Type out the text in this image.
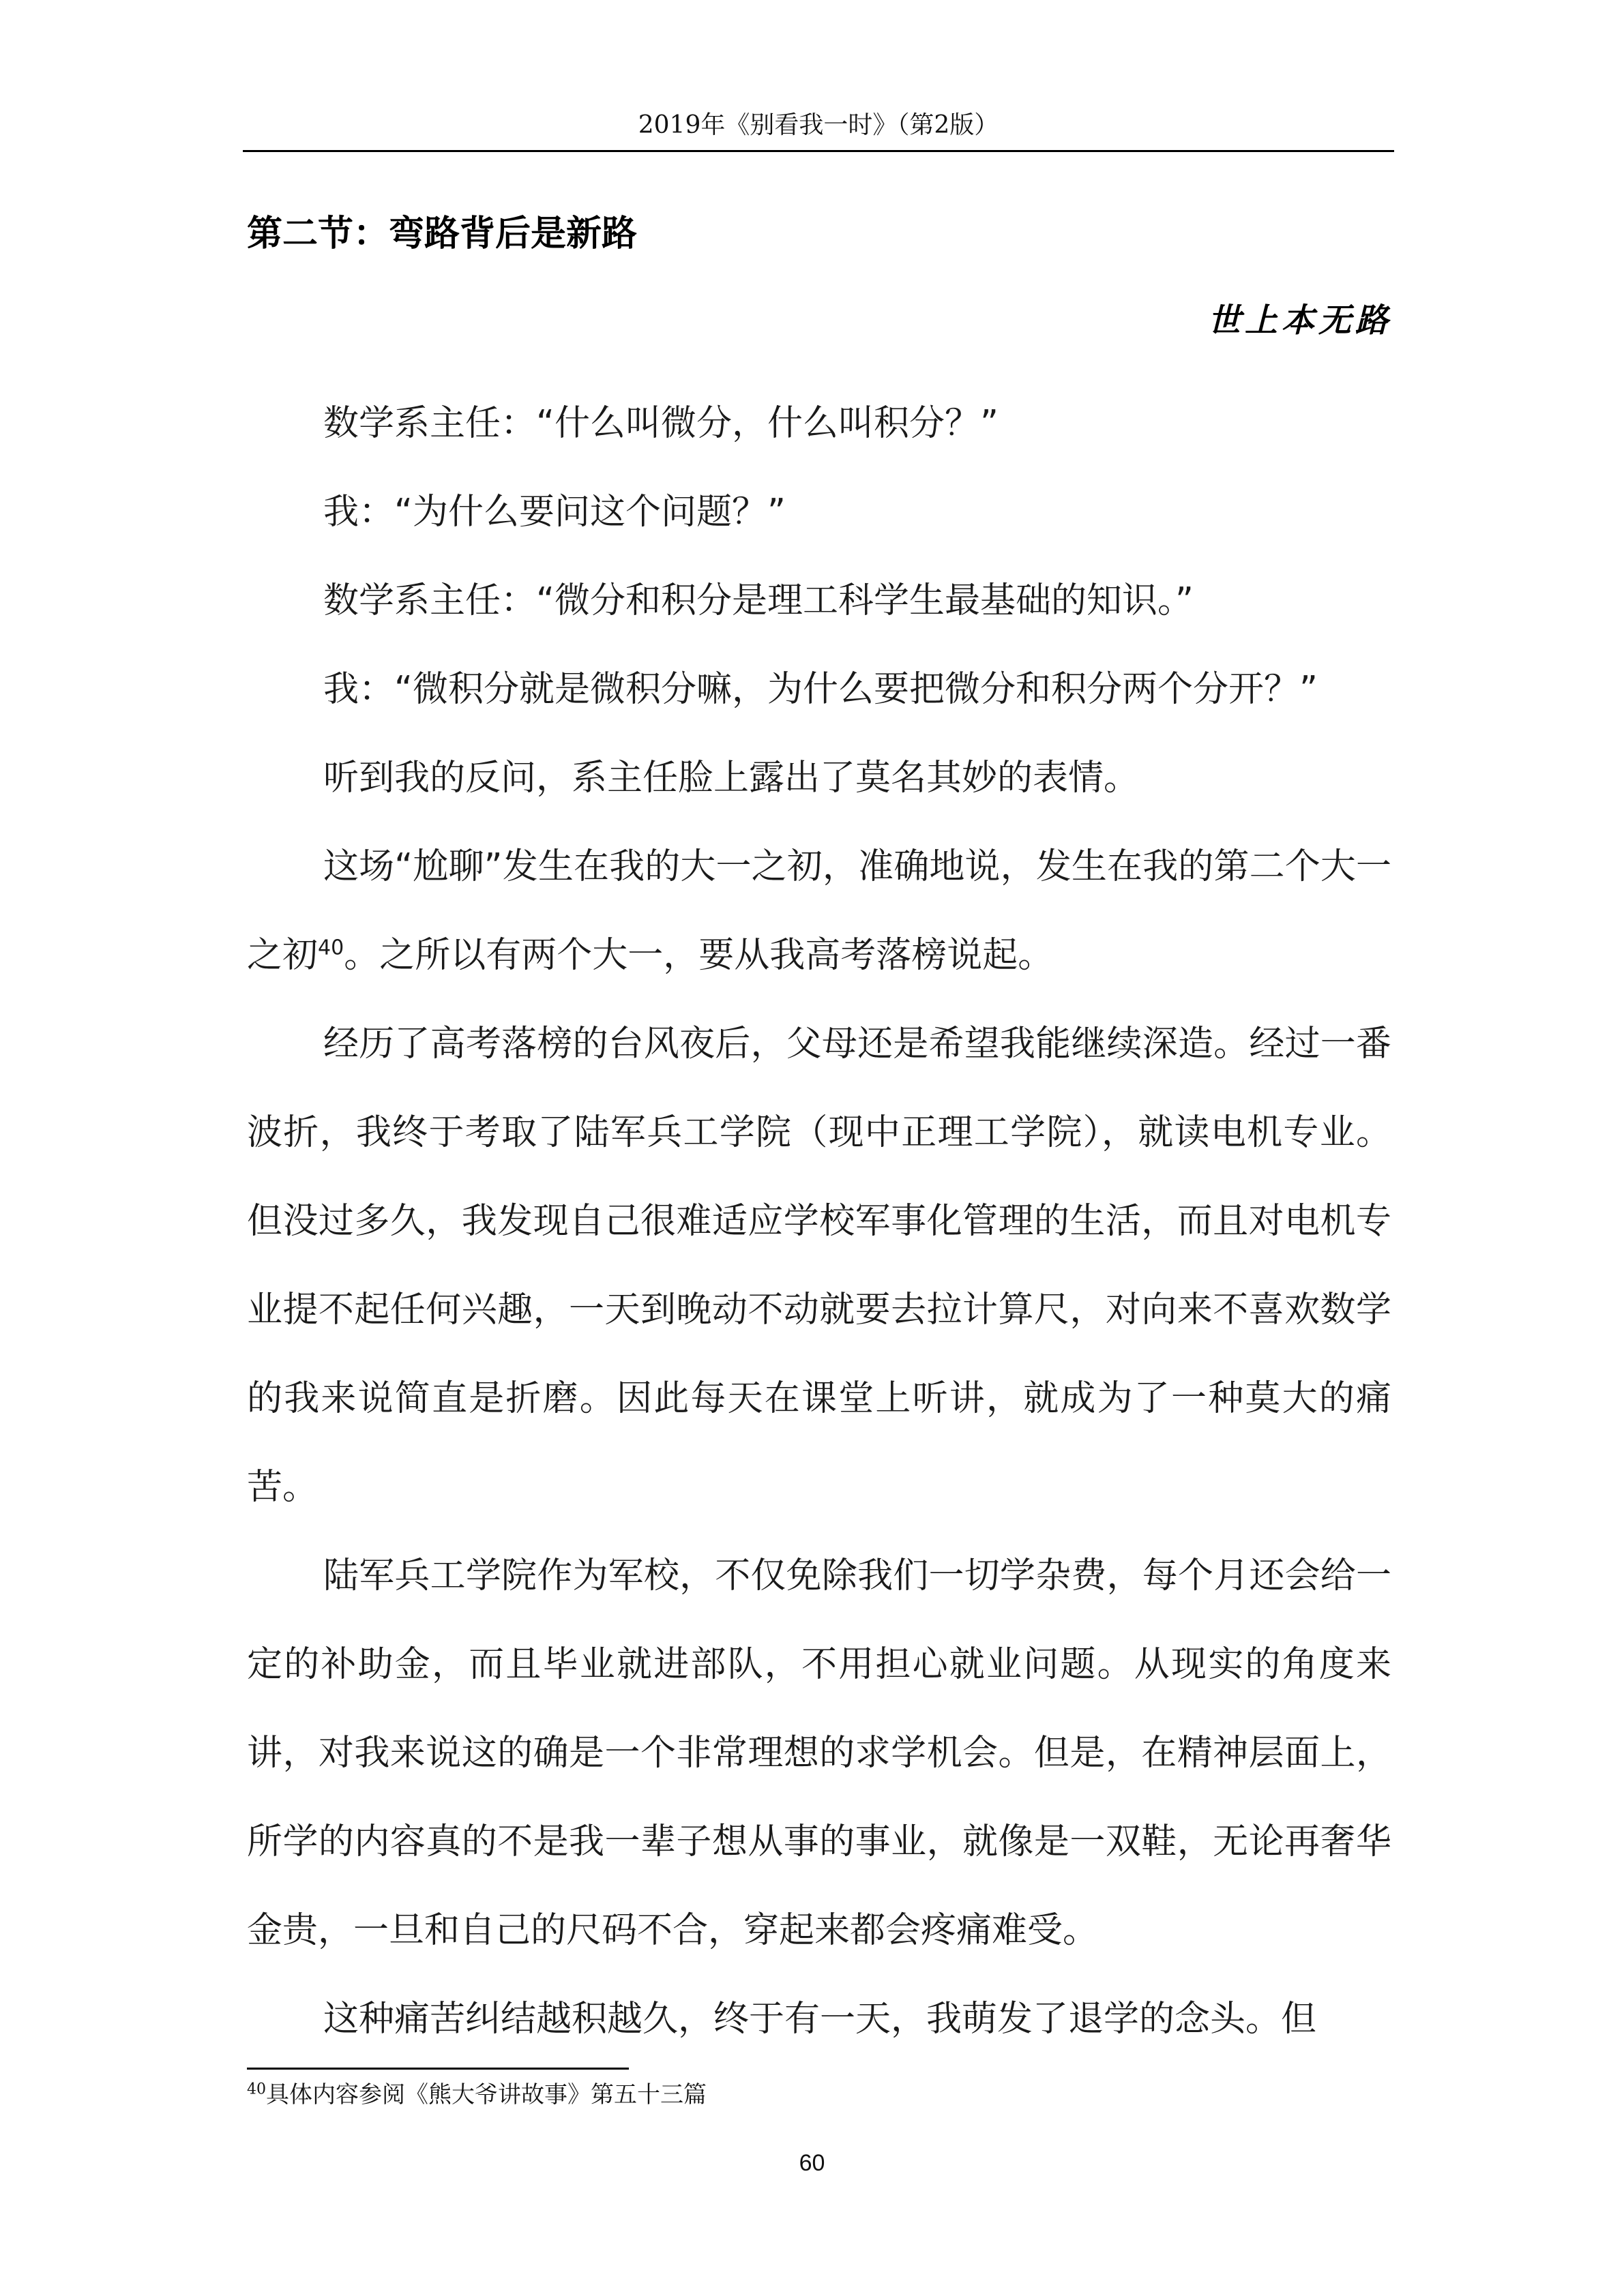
2019年《别看我一时》（第2版）
第二节：弯路背后是新路
世上本无路

数学系主任：“什么叫微分，什么叫积分？”

我：“为什么要问这个问题？”

数学系主任：“微分和积分是理工科学生最基础的知识。”

我：“微积分就是微积分嘛，为什么要把微分和积分两个分开？”

听到我的反问，系主任脸上露出了莫名其妙的表情。

这场“尬聊”发生在我的大一之初，准确地说，发生在我的第二个大一之初$^{40}$。之所以有两个大一，要从我高考落榜说起。

经历了高考落榜的台风夜后，父母还是希望我能继续深造。经过一番波折，我终于考取了陆军兵工学院（现中正理工学院），就读电机专业。但没过多久，我发现自己很难适应学校军事化管理的生活，而且对电机专业提不起任何兴趣，一天到晚动不动就要去拉计算尺，对向来不喜欢数学的我来说简直是折磨。因此每天在课堂上听讲，就成为了一种莫大的痛苦。

陆军兵工学院作为军校，不仅免除我们一切学杂费，每个月还会给一定的补助金，而且毕业就进部队，不用担心就业问题。从现实的角度来讲，对我来说这的确是一个非常理想的求学机会。但是，在精神层面上，所学的内容真的不是我一辈子想从事的事业，就像是一双鞋，无论再奢华金贵，一旦和自己的尺码不合，穿起来都会疼痛难受。

这种痛苦纠结越积越久，终于有一天，我萌发了退学的念头。但

$^{40}$具体内容参阅《熊大爷讲故事》第五十三篇
60
